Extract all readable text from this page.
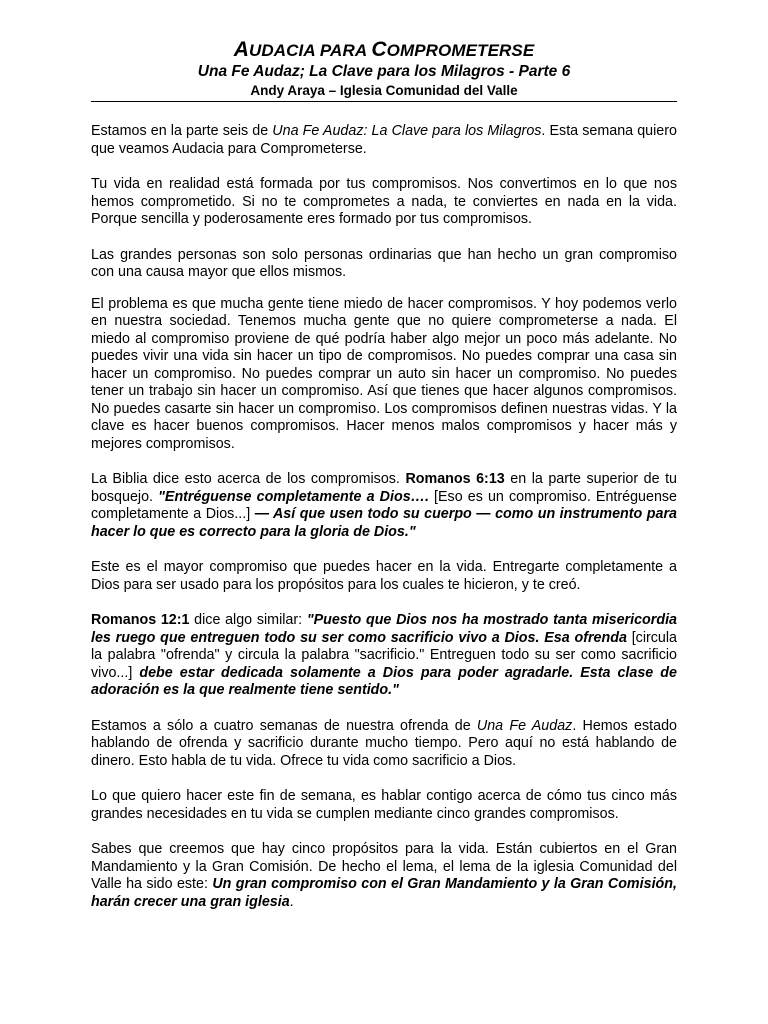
AUDACIA PARA COMPROMETERSE
Una Fe Audaz; La Clave para los Milagros - Parte 6
Andy Araya – Iglesia Comunidad del Valle

Estamos en la parte seis de Una Fe Audaz: La Clave para los Milagros. Esta semana quiero que veamos Audacia para Comprometerse.

Tu vida en realidad está formada por tus compromisos. Nos convertimos en lo que nos hemos comprometido. Si no te comprometes a nada, te conviertes en nada en la vida. Porque sencilla y poderosamente eres formado por tus compromisos.

Las grandes personas son solo personas ordinarias que han hecho un gran compromiso con una causa mayor que ellos mismos.

El problema es que mucha gente tiene miedo de hacer compromisos. Y hoy podemos verlo en nuestra sociedad. Tenemos mucha gente que no quiere comprometerse a nada. El miedo al compromiso proviene de qué podría haber algo mejor un poco más adelante. No puedes vivir una vida sin hacer un tipo de compromisos. No puedes comprar una casa sin hacer un compromiso. No puedes comprar un auto sin hacer un compromiso. No puedes tener un trabajo sin hacer un compromiso. Así que tienes que hacer algunos compromisos. No puedes casarte sin hacer un compromiso. Los compromisos definen nuestras vidas. Y la clave es hacer buenos compromisos. Hacer menos malos compromisos y hacer más y mejores compromisos.

La Biblia dice esto acerca de los compromisos. Romanos 6:13 en la parte superior de tu bosquejo. "Entréguense completamente a Dios…. [Eso es un compromiso. Entréguense completamente a Dios...] — Así que usen todo su cuerpo — como un instrumento para hacer lo que es correcto para la gloria de Dios."

Este es el mayor compromiso que puedes hacer en la vida. Entregarte completamente a Dios para ser usado para los propósitos para los cuales te hicieron, y te creó.

Romanos 12:1 dice algo similar: "Puesto que Dios nos ha mostrado tanta misericordia les ruego que entreguen todo su ser como sacrificio vivo a Dios. Esa ofrenda [circula la palabra "ofrenda" y circula la palabra "sacrificio." Entreguen todo su ser como sacrificio vivo...] debe estar dedicada solamente a Dios para poder agradarle. Esta clase de adoración es la que realmente tiene sentido."

Estamos a sólo a cuatro semanas de nuestra ofrenda de Una Fe Audaz. Hemos estado hablando de ofrenda y sacrificio durante mucho tiempo. Pero aquí no está hablando de dinero. Esto habla de tu vida. Ofrece tu vida como sacrificio a Dios.

Lo que quiero hacer este fin de semana, es hablar contigo acerca de cómo tus cinco más grandes necesidades en tu vida se cumplen mediante cinco grandes compromisos.

Sabes que creemos que hay cinco propósitos para la vida. Están cubiertos en el Gran Mandamiento y la Gran Comisión. De hecho el lema, el lema de la iglesia Comunidad del Valle ha sido este: Un gran compromiso con el Gran Mandamiento y la Gran Comisión, harán crecer una gran iglesia.
